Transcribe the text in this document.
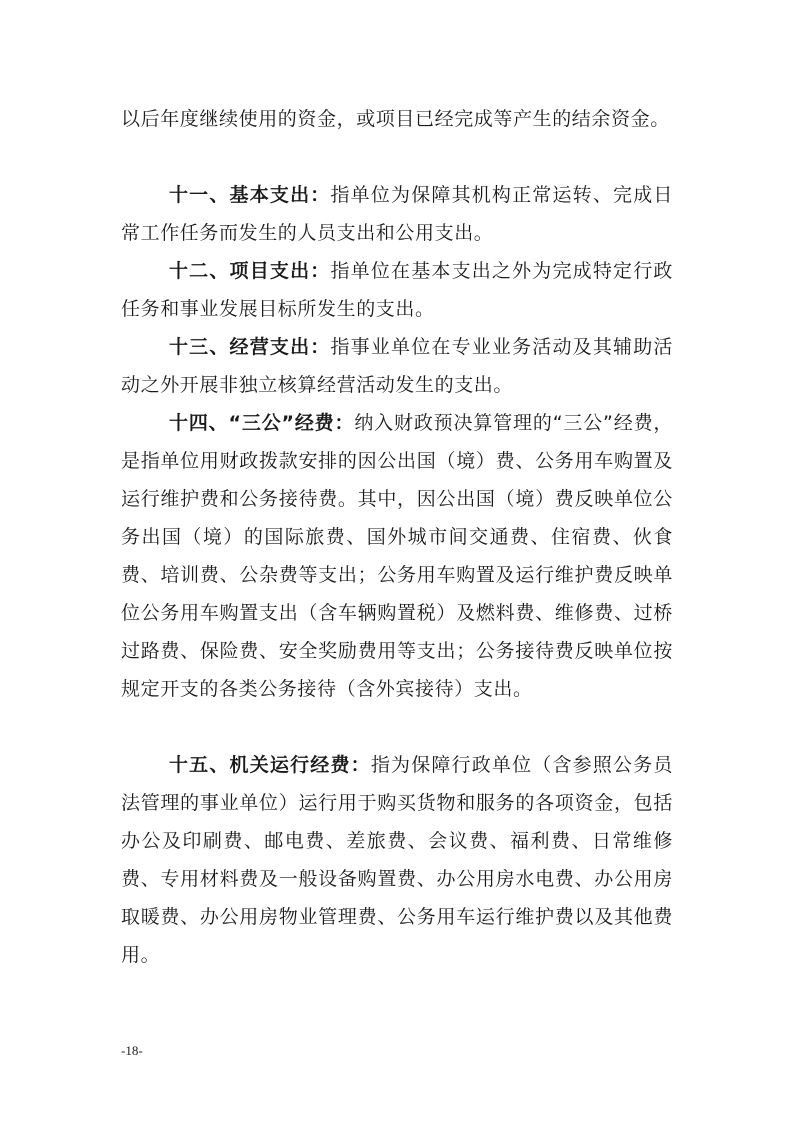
以后年度继续使用的资金，或项目已经完成等产生的结余资金。

十一、基本支出：指单位为保障其机构正常运转、完成日常工作任务而发生的人员支出和公用支出。

十二、项目支出：指单位在基本支出之外为完成特定行政任务和事业发展目标所发生的支出。

十三、经营支出：指事业单位在专业业务活动及其辅助活动之外开展非独立核算经营活动发生的支出。

十四、“三公”经费：纳入财政预决算管理的“三公”经费，是指单位用财政拨款安排的因公出国（境）费、公务用车购置及运行维护费和公务接待费。其中，因公出国（境）费反映单位公务出国（境）的国际旅费、国外城市间交通费、住宿费、伙食费、培训费、公杂费等支出；公务用车购置及运行维护费反映单位公务用车购置支出（含车辆购置税）及燃料费、维修费、过桥过路费、保险费、安全奖励费用等支出；公务接待费反映单位按规定开支的各类公务接待（含外宾接待）支出。

十五、机关运行经费：指为保障行政单位（含参照公务员法管理的事业单位）运行用于购买货物和服务的各项资金，包括办公及印刷费、邮电费、差旅费、会议费、福利费、日常维修费、专用材料费及一般设备购置费、办公用房水电费、办公用房取暖费、办公用房物业管理费、公务用车运行维护费以及其他费用。

-18-
